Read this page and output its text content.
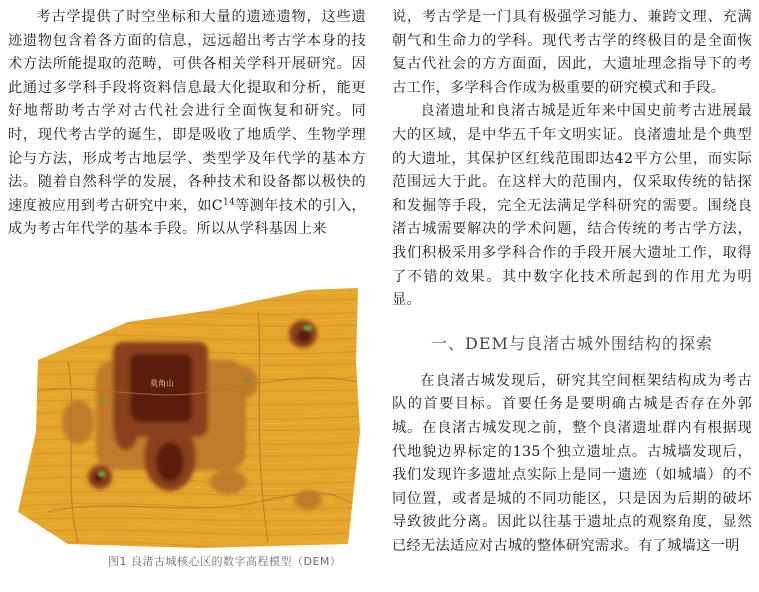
考古学提供了时空坐标和大量的遗迹遗物，这些遗迹遗物包含着各方面的信息，远远超出考古学本身的技术方法所能提取的范畴，可供各相关学科开展研究。因此通过多学科手段将资料信息最大化提取和分析，能更好地帮助考古学对古代社会进行全面恢复和研究。同时，现代考古学的诞生，即是吸收了地质学、生物学理论与方法，形成考古地层学、类型学及年代学的基本方法。随着自然科学的发展，各种技术和设备都以极快的速度被应用到考古研究中来，如$C^{14}$等测年技术的引入，成为考古年代学的基本手段。所以从学科基因上来

莫角山
图1 良渚古城核心区的数字高程模型（DEM）

说，考古学是一门具有极强学习能力、兼跨文理、充满朝气和生命力的学科。现代考古学的终极目的是全面恢复古代社会的方方面面，因此，大遗址理念指导下的考古工作，多学科合作成为极重要的研究模式和手段。

良渚遗址和良渚古城是近年来中国史前考古进展最大的区域，是中华五千年文明实证。良渚遗址是个典型的大遗址，其保护区红线范围即达42平方公里，而实际范围远大于此。在这样大的范围内，仅采取传统的钻探和发掘等手段，完全无法满足学科研究的需要。围绕良渚古城需要解决的学术问题，结合传统的考古学方法，我们积极采用多学科合作的手段开展大遗址工作，取得了不错的效果。其中数字化技术所起到的作用尤为明显。

一、DEM与良渚古城外围结构的探索

在良渚古城发现后，研究其空间框架结构成为考古队的首要目标。首要任务是要明确古城是否存在外郭城。在良渚古城发现之前，整个良渚遗址群内有根据现代地貌边界标定的135个独立遗址点。古城墙发现后，我们发现许多遗址点实际上是同一遗迹（如城墙）的不同位置，或者是城的不同功能区，只是因为后期的破坏导致彼此分离。因此以往基于遗址点的观察角度，显然已经无法适应对古城的整体研究需求。有了城墙这一明
